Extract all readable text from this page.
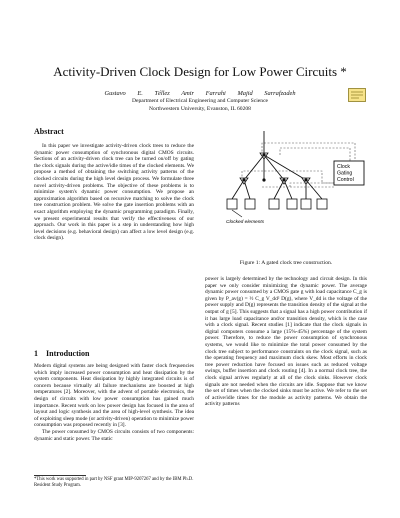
Activity-Driven Clock Design for Low Power Circuits *
Gustavo E. Téllez Amir Farrahi Majid Sarrafzadeh
Department of Electrical Engineering and Computer Science
Northwestern University, Evanston, IL 60208
Abstract

In this paper we investigate activity-driven clock trees to reduce the dynamic power consumption of synchronous digital CMOS circuits. Sections of an activity-driven clock tree can be turned on/off by gating the clock signals during the active/idle times of the clocked elements. We propose a method of obtaining the switching activity patterns of the clocked circuits during the high level design process. We formulate three novel activity-driven problems. The objective of these problems is to minimize system's dynamic power consumption. We propose an approximation algorithm based on recursive matching to solve the clock tree construction problem. We solve the gate insertion problems with an exact algorithm employing the dynamic programming paradigm. Finally, we present experimental results that verify the effectiveness of our approach. Our work in this paper is a step in understanding how high level decisions (e.g. behavioral design) can affect a low level design (e.g. clock design).

1 Introduction

Modern digital systems are being designed with faster clock frequencies which imply increased power consumption and heat dissipation by the system components. Heat dissipation by highly integrated circuits is of concern because virtually all failure mechanisms are boosted at high temperatures [2]. Moreover, with the advent of portable electronics, the design of circuits with low power consumption has gained much importance. Recent work on low power design has focused in the area of layout and logic synthesis and the area of high-level synthesis. The idea of exploiting sleep mode (or activity-driven) operation to minimize power consumption was proposed recently in [3].

The power consumed by CMOS circuits consists of two components: dynamic and static power. The static

*This work was supported in part by NSF grant MIP-9207267 and by the IBM Ph.D. Resident Study Program.
Clock
Gating
Control
Clocked elements
Figure 1: A gated clock tree construction.

power is largely determined by the technology and circuit design. In this paper we only consider minimizing the dynamic power. The average dynamic power consumed by a CMOS gate g with load capacitance C_g is given by P_av(g) = ½ C_g V_dd² D(g), where V_dd is the voltage of the power supply and D(g) represents the transition density of the signal at the output of g [5]. This suggests that a signal has a high power contribution if it has large load capacitance and/or transition density, which is the case with a clock signal. Recent studies [1] indicate that the clock signals in digital computers consume a large (15%-45%) percentage of the system power. Therefore, to reduce the power consumption of synchronous systems, we would like to minimize the total power consumed by the clock tree subject to performance constraints on the clock signal, such as the operating frequency and maximum clock skew. Most efforts in clock tree power reduction have focused on issues such as reduced voltage swings, buffer insertion and clock routing [4]. In a normal clock tree, the clock signal arrives regularly at all of the clock sinks. However clock signals are not needed when the circuits are idle. Suppose that we know the set of times when the clocked sinks must be active. We refer to the set of active/idle times for the module as activity patterns. We obtain the activity patterns
